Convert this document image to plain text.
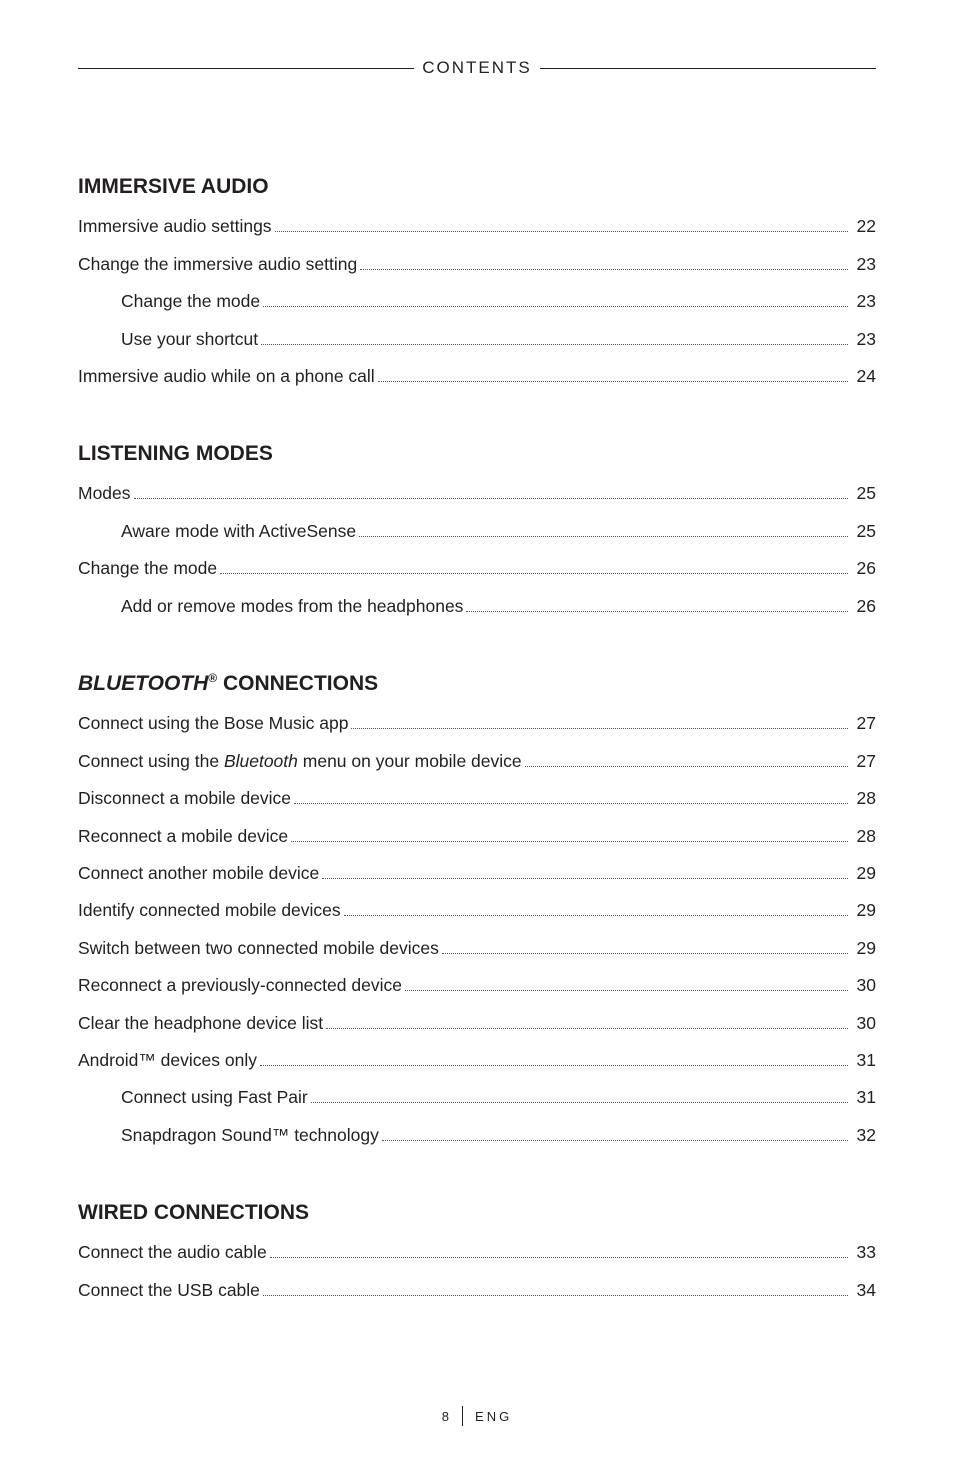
CONTENTS
IMMERSIVE AUDIO
Immersive audio settings	22
Change the immersive audio setting	23
Change the mode	23
Use your shortcut	23
Immersive audio while on a phone call	24
LISTENING MODES
Modes	25
Aware mode with ActiveSense	25
Change the mode	26
Add or remove modes from the headphones	26
BLUETOOTH® CONNECTIONS
Connect using the Bose Music app	27
Connect using the Bluetooth menu on your mobile device	27
Disconnect a mobile device	28
Reconnect a mobile device	28
Connect another mobile device	29
Identify connected mobile devices	29
Switch between two connected mobile devices	29
Reconnect a previously-connected device	30
Clear the headphone device list	30
Android™ devices only	31
Connect using Fast Pair	31
Snapdragon Sound™ technology	32
WIRED CONNECTIONS
Connect the audio cable	33
Connect the USB cable	34
8 ENG
